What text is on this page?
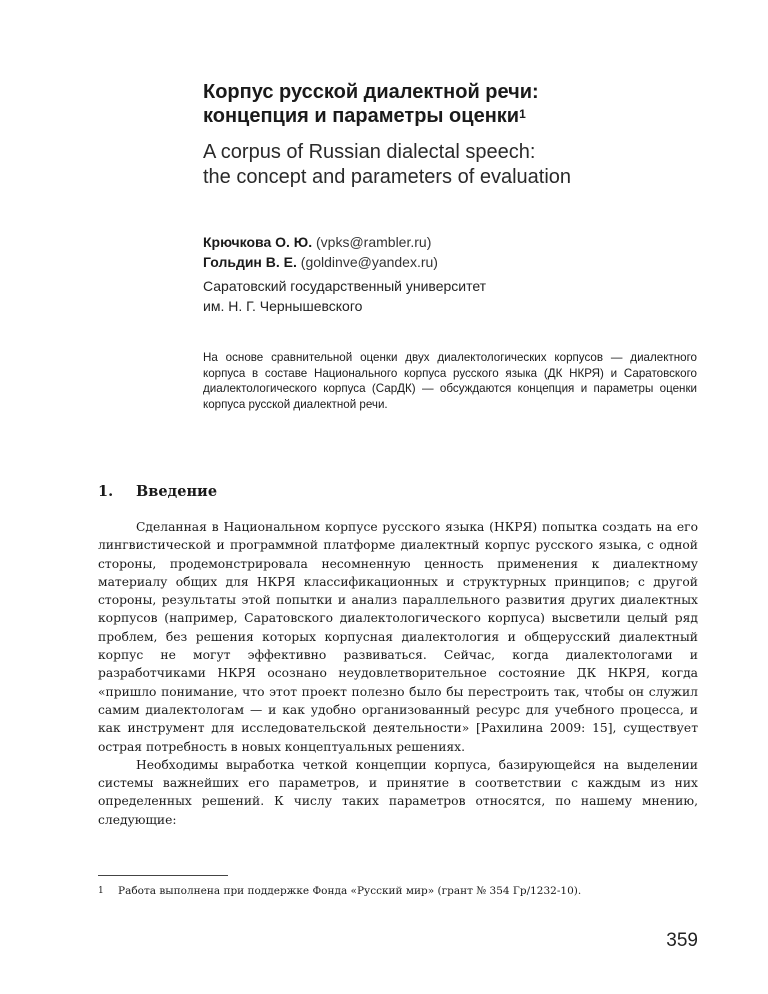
Корпус русской диалектной речи:
концепция и параметры оценки$^1$
A corpus of Russian dialectal speech:
the concept and parameters of evaluation
Крючкова О. Ю. (vpks@rambler.ru)
Гольдин В. Е. (goldinve@yandex.ru)
Саратовский государственный университет
им. Н. Г. Чернышевского

На основе сравнительной оценки двух диалектологических корпусов — диалектного корпуса в составе Национального корпуса русского языка (ДК НКРЯ) и Саратовского диалектологического корпуса (СарДК) — обсуждаются концепция и параметры оценки корпуса русской диалектной речи.

1. Введение

Сделанная в Национальном корпусе русского языка (НКРЯ) попытка создать на его лингвистической и программной платформе диалектный корпус русского языка, с одной стороны, продемонстрировала несомненную ценность применения к диалектному материалу общих для НКРЯ классификационных и структурных принципов; с другой стороны, результаты этой попытки и анализ параллельного развития других диалектных корпусов (например, Саратовского диалектологического корпуса) высветили целый ряд проблем, без решения которых корпусная диалектология и общерусский диалектный корпус не могут эффективно развиваться. Сейчас, когда диалектологами и разработчиками НКРЯ осознано неудовлетворительное состояние ДК НКРЯ, когда «пришло понимание, что этот проект полезно было бы перестроить так, чтобы он служил самим диалектологам — и как удобно организованный ресурс для учебного процесса, и как инструмент для исследовательской деятельности» [Рахилина 2009: 15], существует острая потребность в новых концептуальных решениях.

Необходимы выработка четкой концепции корпуса, базирующейся на выделении системы важнейших его параметров, и принятие в соответствии с каждым из них определенных решений. К числу таких параметров относятся, по нашему мнению, следующие:

1 Работа выполнена при поддержке Фонда «Русский мир» (грант № 354 Гр/1232-10).
359
